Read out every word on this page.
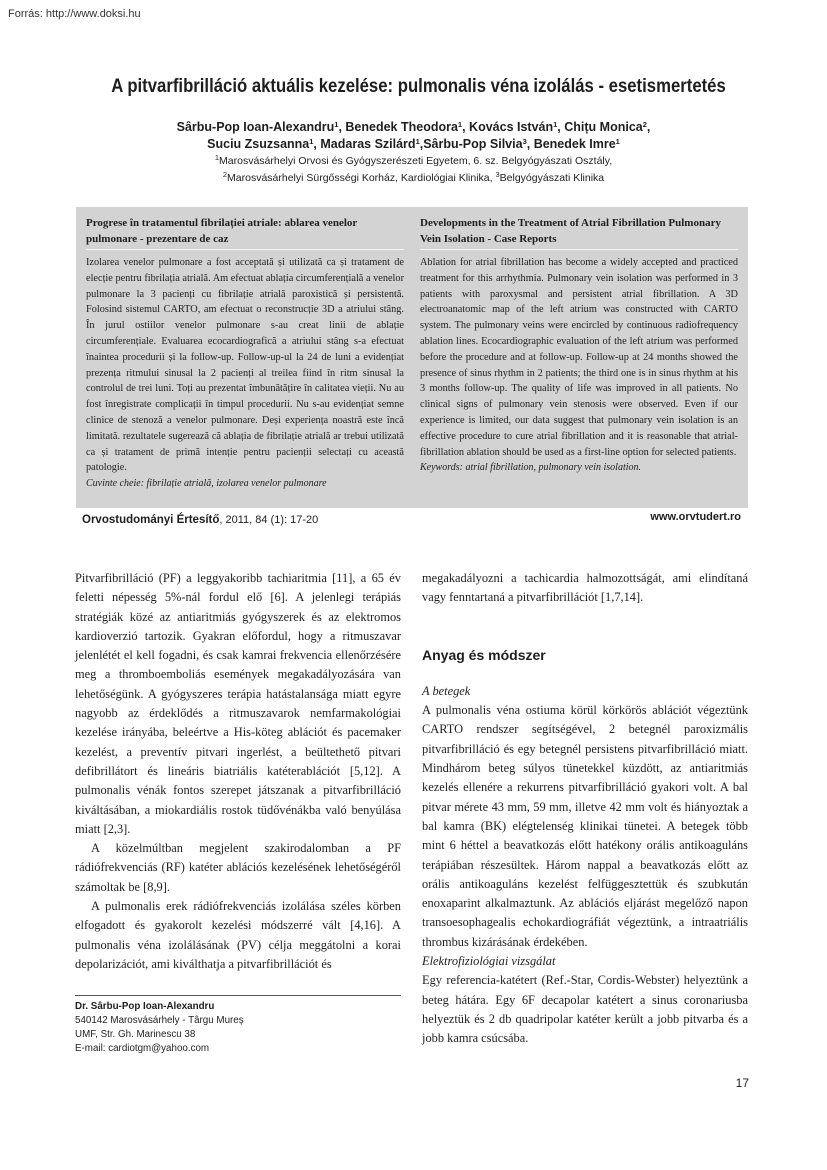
Forrás: http://www.doksi.hu
A pitvarfibrilláció aktuális kezelése: pulmonalis véna izolálás - esetismertetés
Sârbu-Pop Ioan-Alexandru$^1$, Benedek Theodora$^1$, Kovács István$^1$, Chițu Monica$^2$,
Suciu Zsuzsanna$^1$, Madaras Szilárd$^1$,Sârbu-Pop Silvia$^3$, Benedek Imre$^1$
$^1$Marosvásárhelyi Orvosi és Gyógyszerészeti Egyetem, 6. sz. Belgyógyászati Osztály,
$^2$Marosvásárhelyi Sürgősségi Korház, Kardiológiai Klinika, $^3$Belgyógyászati Klinika
Progrese în tratamentul fibrilației atriale: ablarea venelor pulmonare - prezentare de caz
Izolarea venelor pulmonare a fost acceptată și utilizată ca și tratament de elecție pentru fibrilația atrială. Am efectuat ablația circumferențială a venelor pulmonare la 3 pacienți cu fibrilație atrială paroxistică și persistentă. Folosind sistemul CARTO, am efectuat o reconstrucție 3D a atriului stâng. În jurul ostiilor venelor pulmonare s-au creat linii de ablație circumferențiale. Evaluarea ecocardiografică a atriului stâng s-a efectuat înaintea procedurii și la follow-up. Follow-up-ul la 24 de luni a evidențiat prezența ritmului sinusal la 2 pacienți al treilea fiind în ritm sinusal la controlul de trei luni. Toți au prezentat îmbunătățire în calitatea vieții. Nu au fost înregistrate complicații în timpul procedurii. Nu s-au evidențiat semne clinice de stenoză a venelor pulmonare. Deși experiența noastră este încă limitată. rezultatele sugerează că ablația de fibrilație atrială ar trebui utilizată ca și tratament de primă intenție pentru pacienții selectați cu această patologie.
Cuvinte cheie: fibrilație atrială, izolarea venelor pulmonare
Developments in the Treatment of Atrial Fibrillation Pulmonary Vein Isolation - Case Reports
Ablation for atrial fibrillation has become a widely accepted and practiced treatment for this arrhythmia. Pulmonary vein isolation was performed in 3 patients with paroxysmal and persistent atrial fibrillation. A 3D electroanatomic map of the left atrium was constructed with CARTO system. The pulmonary veins were encircled by continuous radiofrequency ablation lines. Ecocardiographic evaluation of the left atrium was performed before the procedure and at follow-up. Follow-up at 24 months showed the presence of sinus rhythm in 2 patients; the third one is in sinus rhythm at his 3 months follow-up. The quality of life was improved in all patients. No clinical signs of pulmonary vein stenosis were observed. Even if our experience is limited, our data suggest that pulmonary vein isolation is an effective procedure to cure atrial fibrillation and it is reasonable that atrial-fibrillation ablation should be used as a first-line option for selected patients.
Keywords: atrial fibrillation, pulmonary vein isolation.
Orvostudományi Értesítő, 2011, 84 (1): 17-20	www.orvtudert.ro

Pitvarfibrilláció (PF) a leggyakoribb tachiaritmia [11], a 65 év feletti népesség 5%-nál fordul elő [6]. A jelenlegi terápiás stratégiák közé az antiaritmiás gyógyszerek és az elektromos kardioverzió tartozik. Gyakran előfordul, hogy a ritmuszavar jelenlétét el kell fogadni, és csak kamrai frekvencia ellenőrzésére meg a thromboemboliás események megakadályozására van lehetőségünk. A gyógyszeres terápia hatástalansága miatt egyre nagyobb az érdeklődés a ritmuszavarok nemfarmakológiai kezelése irányába, beleértve a His-köteg ablációt és pacemaker kezelést, a preventív pitvari ingerlést, a beültethető pitvari defibrillátort és lineáris biatriális katéterablációt [5,12]. A pulmonalis vénák fontos szerepet játszanak a pitvarfibrilláció kiváltásában, a miokardiális rostok tüdővénákba való benyúlása miatt [2,3].

A közelmúltban megjelent szakirodalomban a PF rádiófrekvenciás (RF) katéter ablációs kezelésének lehetőségéről számoltak be [8,9].

A pulmonalis erek rádiófrekvenciás izolálása széles körben elfogadott és gyakorolt kezelési módszerré vált [4,16]. A pulmonalis véna izolálásának (PV) célja meggátolni a korai depolarizációt, ami kiválthatja a pitvarfibrillációt és

megakadályozni a tachicardia halmozottságát, ami elindítaná vagy fenntartaná a pitvarfibrillációt [1,7,14].

Anyag és módszer

A betegek

A pulmonalis véna ostiuma körül körkörös ablációt végeztünk CARTO rendszer segítségével, 2 betegnél paroxizmális pitvarfibrilláció és egy betegnél persistens pitvarfibrilláció miatt. Mindhárom beteg súlyos tünetekkel küzdött, az antiaritmiás kezelés ellenére a rekurrens pitvarfibrilláció gyakori volt. A bal pitvar mérete 43 mm, 59 mm, illetve 42 mm volt és hiányoztak a bal kamra (BK) elégtelenség klinikai tünetei. A betegek több mint 6 héttel a beavatkozás előtt hatékony orális antikoaguláns terápiában részesültek. Három nappal a beavatkozás előtt az orális antikoaguláns kezelést felfüggesztettük és szubkután enoxaparint alkalmaztunk. Az ablációs eljárást megelőző napon transoesophagealis echokardiográfiát végeztünk, a intraatriális thrombus kizárásának érdekében.

Elektrofiziológiai vizsgálat

Egy referencia-katétert (Ref.-Star, Cordis-Webster) helyeztünk a beteg hátára. Egy 6F decapolar katétert a sinus coronariusba helyeztük és 2 db quadripolar katéter került a jobb pitvarba és a jobb kamra csúcsába.

Dr. Sârbu-Pop Ioan-Alexandru
540142 Marosvásárhely - Târgu Mureș
UMF, Str. Gh. Marinescu 38
E-mail: cardiotgm@yahoo.com
17
